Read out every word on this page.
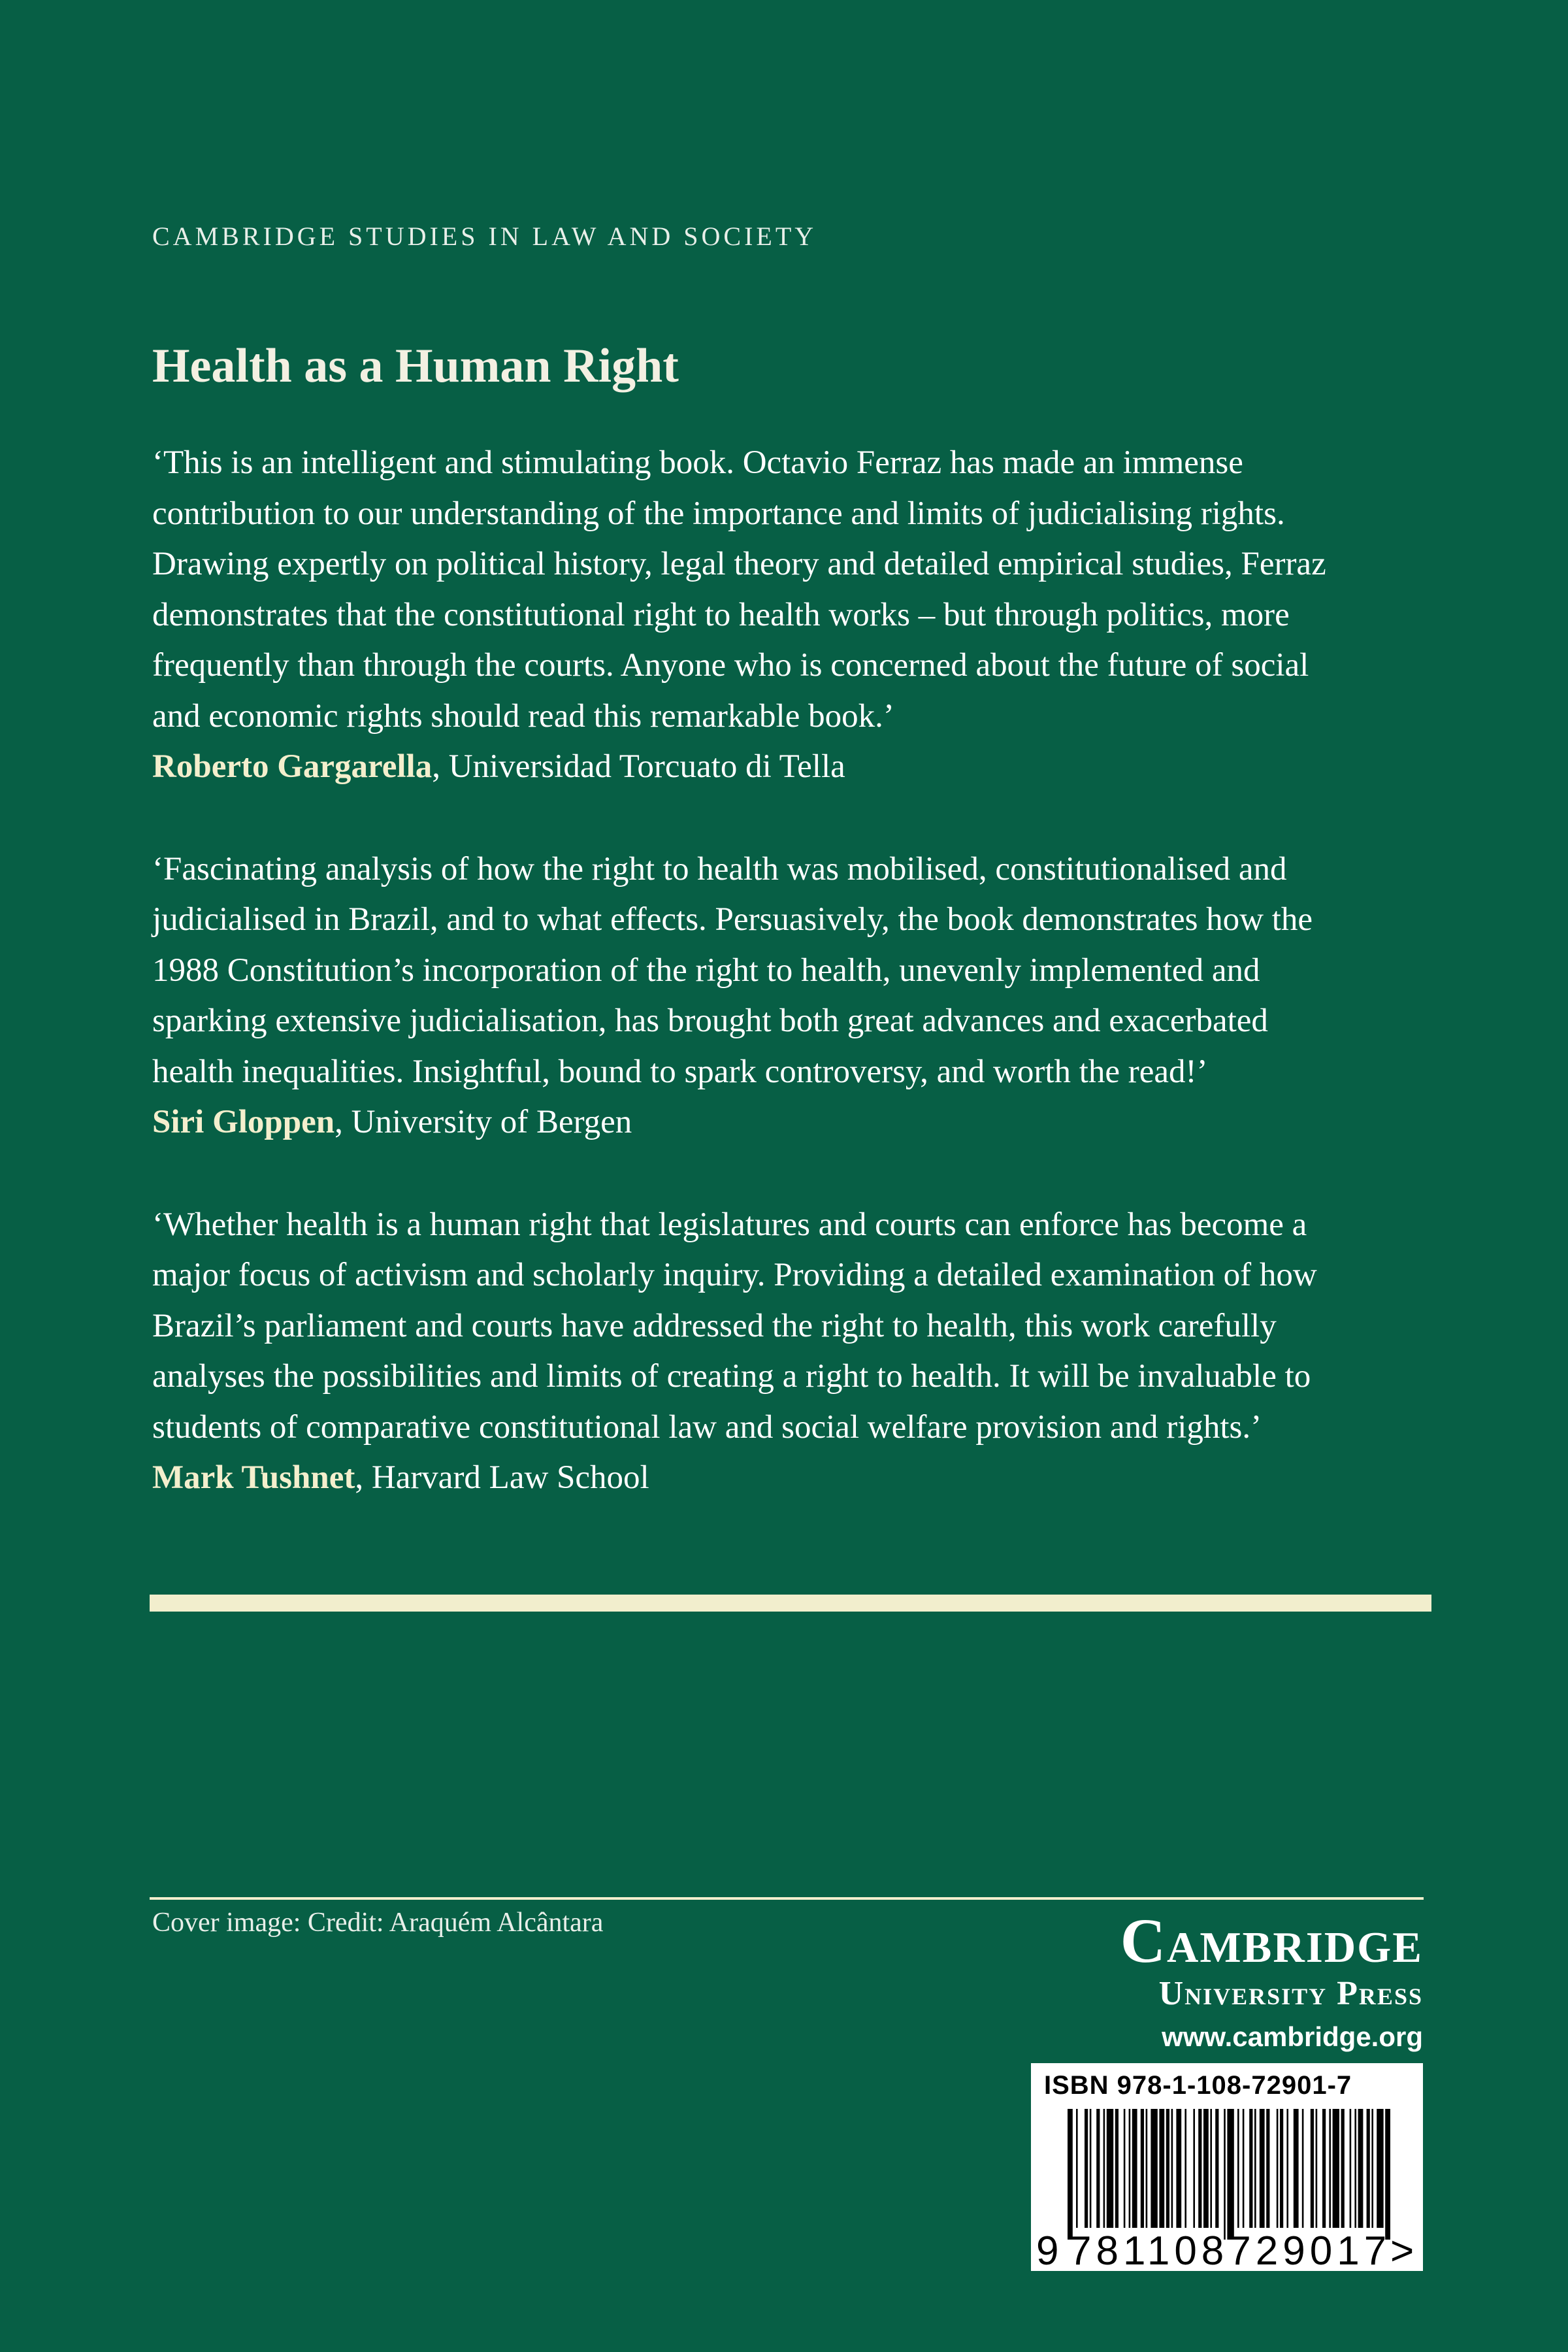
CAMBRIDGE STUDIES IN LAW AND SOCIETY
Health as a Human Right

‘This is an intelligent and stimulating book. Octavio Ferraz has made an immense

contribution to our understanding of the importance and limits of judicialising rights.

Drawing expertly on political history, legal theory and detailed empirical studies, Ferraz

demonstrates that the constitutional right to health works – but through politics, more

frequently than through the courts. Anyone who is concerned about the future of social

and economic rights should read this remarkable book.’

Roberto Gargarella, Universidad Torcuato di Tella

‘Fascinating analysis of how the right to health was mobilised, constitutionalised and

judicialised in Brazil, and to what effects. Persuasively, the book demonstrates how the

1988 Constitution’s incorporation of the right to health, unevenly implemented and

sparking extensive judicialisation, has brought both great advances and exacerbated

health inequalities. Insightful, bound to spark controversy, and worth the read!’

Siri Gloppen, University of Bergen

‘Whether health is a human right that legislatures and courts can enforce has become a

major focus of activism and scholarly inquiry. Providing a detailed examination of how

Brazil’s parliament and courts have addressed the right to health, this work carefully

analyses the possibilities and limits of creating a right to health. It will be invaluable to

students of comparative constitutional law and social welfare provision and rights.’

Mark Tushnet, Harvard Law School

Cover image: Credit: Araquém Alcântara	Cambridge
University Press
www.cambridge.org
ISBN 978-1-108-72901-7
9 781108729017
>
